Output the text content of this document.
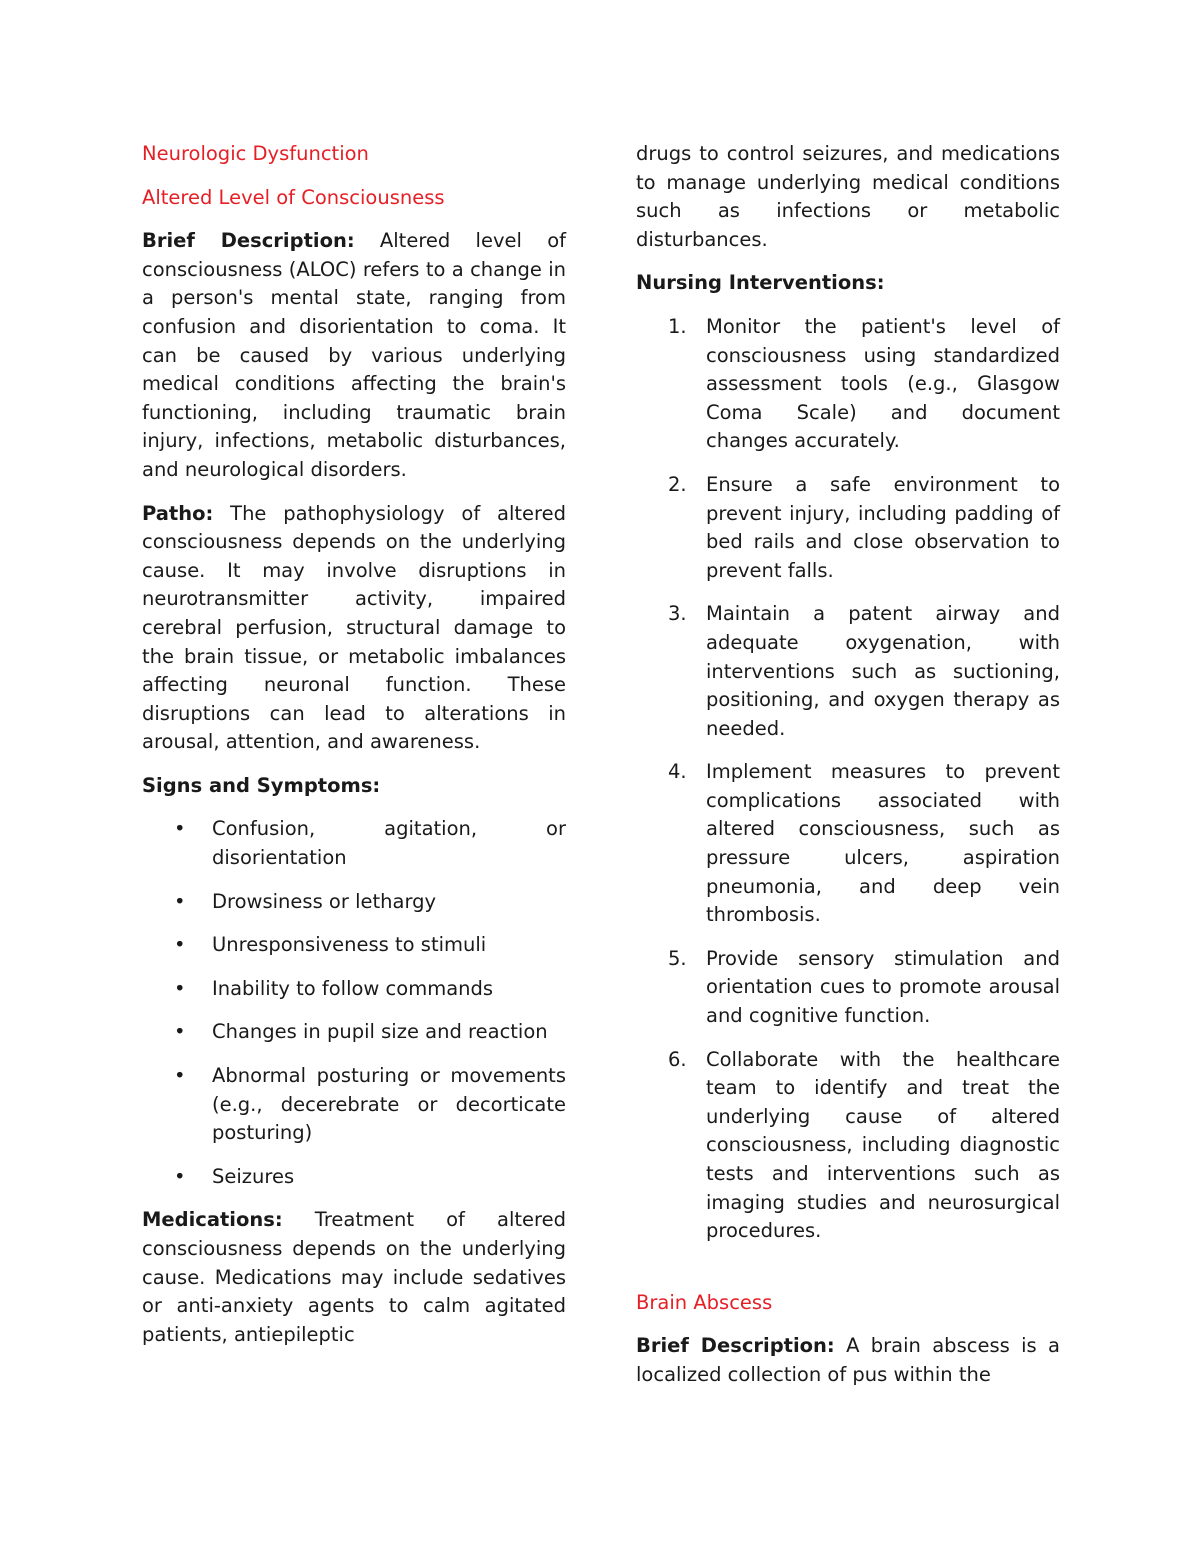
Neurologic Dysfunction
Altered Level of Consciousness

Brief Description: Altered level of consciousness (ALOC) refers to a change in a person's mental state, ranging from confusion and disorientation to coma. It can be caused by various underlying medical conditions affecting the brain's functioning, including traumatic brain injury, infections, metabolic disturbances, and neurological disorders.

Patho: The pathophysiology of altered consciousness depends on the underlying cause. It may involve disruptions in neurotransmitter activity, impaired cerebral perfusion, structural damage to the brain tissue, or metabolic imbalances affecting neuronal function. These disruptions can lead to alterations in arousal, attention, and awareness.

Signs and Symptoms:

• Confusion, agitation, or disorientation
• Drowsiness or lethargy
• Unresponsiveness to stimuli
• Inability to follow commands
• Changes in pupil size and reaction
• Abnormal posturing or movements (e.g., decerebrate or decorticate posturing)
• Seizures

Medications: Treatment of altered consciousness depends on the underlying cause. Medications may include sedatives or anti-anxiety agents to calm agitated patients, antiepileptic

drugs to control seizures, and medications to manage underlying medical conditions such as infections or metabolic disturbances.

Nursing Interventions:

1. Monitor the patient's level of consciousness using standardized assessment tools (e.g., Glasgow Coma Scale) and document changes accurately.
2. Ensure a safe environment to prevent injury, including padding of bed rails and close observation to prevent falls.
3. Maintain a patent airway and adequate oxygenation, with interventions such as suctioning, positioning, and oxygen therapy as needed.
4. Implement measures to prevent complications associated with altered consciousness, such as pressure ulcers, aspiration pneumonia, and deep vein thrombosis.
5. Provide sensory stimulation and orientation cues to promote arousal and cognitive function.
6. Collaborate with the healthcare team to identify and treat the underlying cause of altered consciousness, including diagnostic tests and interventions such as imaging studies and neurosurgical procedures.
Brain Abscess

Brief Description: A brain abscess is a localized collection of pus within the
